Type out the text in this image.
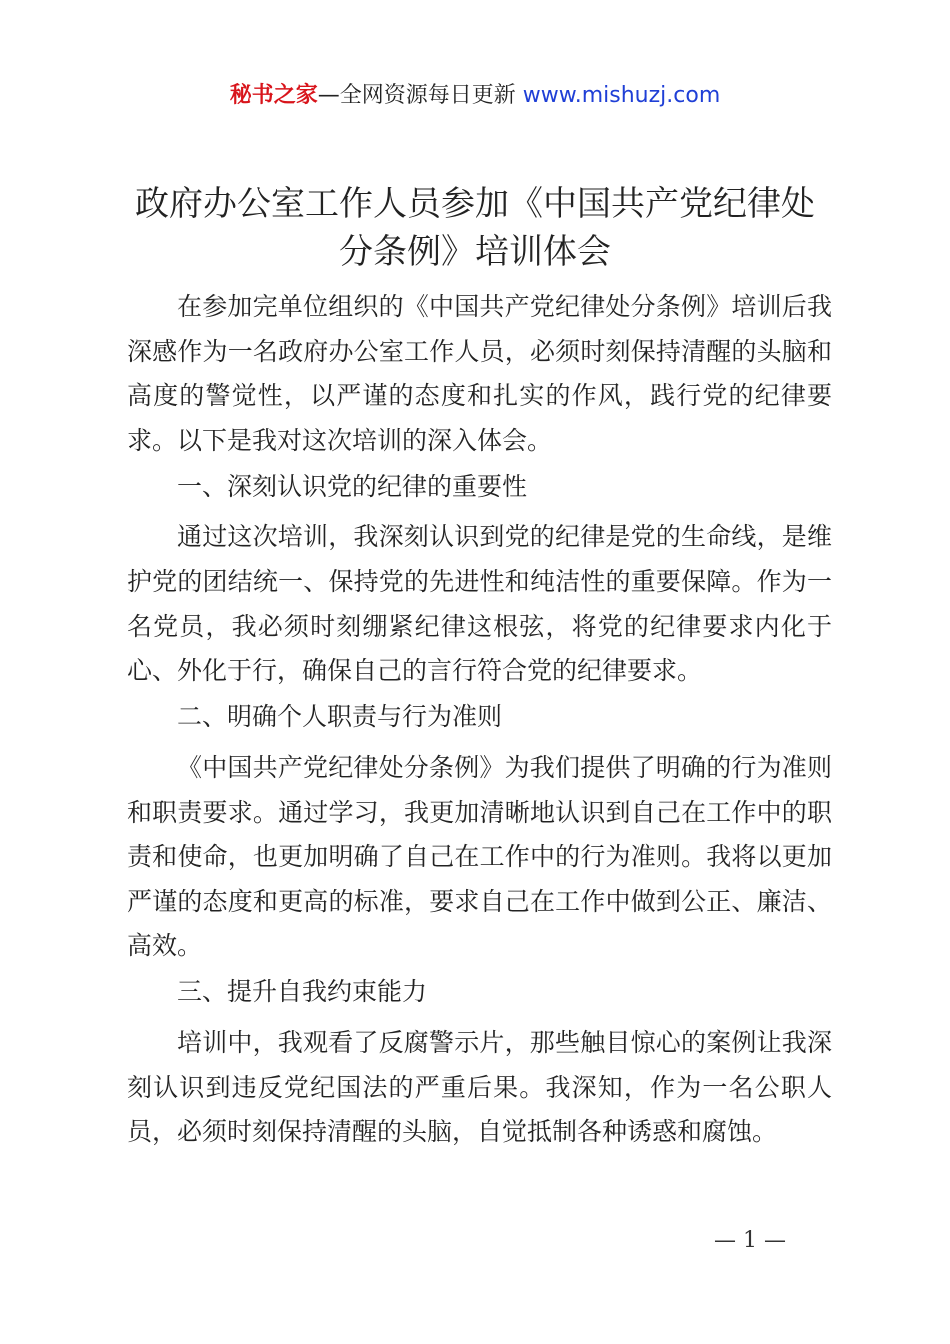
秘书之家—全网资源每日更新 www.mishuzj.com
政府办公室工作人员参加《中国共产党纪律处
分条例》培训体会

在参加完单位组织的《中国共产党纪律处分条例》培训后我深感作为一名政府办公室工作人员，必须时刻保持清醒的头脑和高度的警觉性，以严谨的态度和扎实的作风，践行党的纪律要求。以下是我对这次培训的深入体会。

一、深刻认识党的纪律的重要性

通过这次培训，我深刻认识到党的纪律是党的生命线，是维护党的团结统一、保持党的先进性和纯洁性的重要保障。作为一名党员，我必须时刻绷紧纪律这根弦，将党的纪律要求内化于心、外化于行，确保自己的言行符合党的纪律要求。

二、明确个人职责与行为准则

《中国共产党纪律处分条例》为我们提供了明确的行为准则和职责要求。通过学习，我更加清晰地认识到自己在工作中的职责和使命，也更加明确了自己在工作中的行为准则。我将以更加严谨的态度和更高的标准，要求自己在工作中做到公正、廉洁、高效。

三、提升自我约束能力

培训中，我观看了反腐警示片，那些触目惊心的案例让我深刻认识到违反党纪国法的严重后果。我深知，作为一名公职人员，必须时刻保持清醒的头脑，自觉抵制各种诱惑和腐蚀。

— 1 —
